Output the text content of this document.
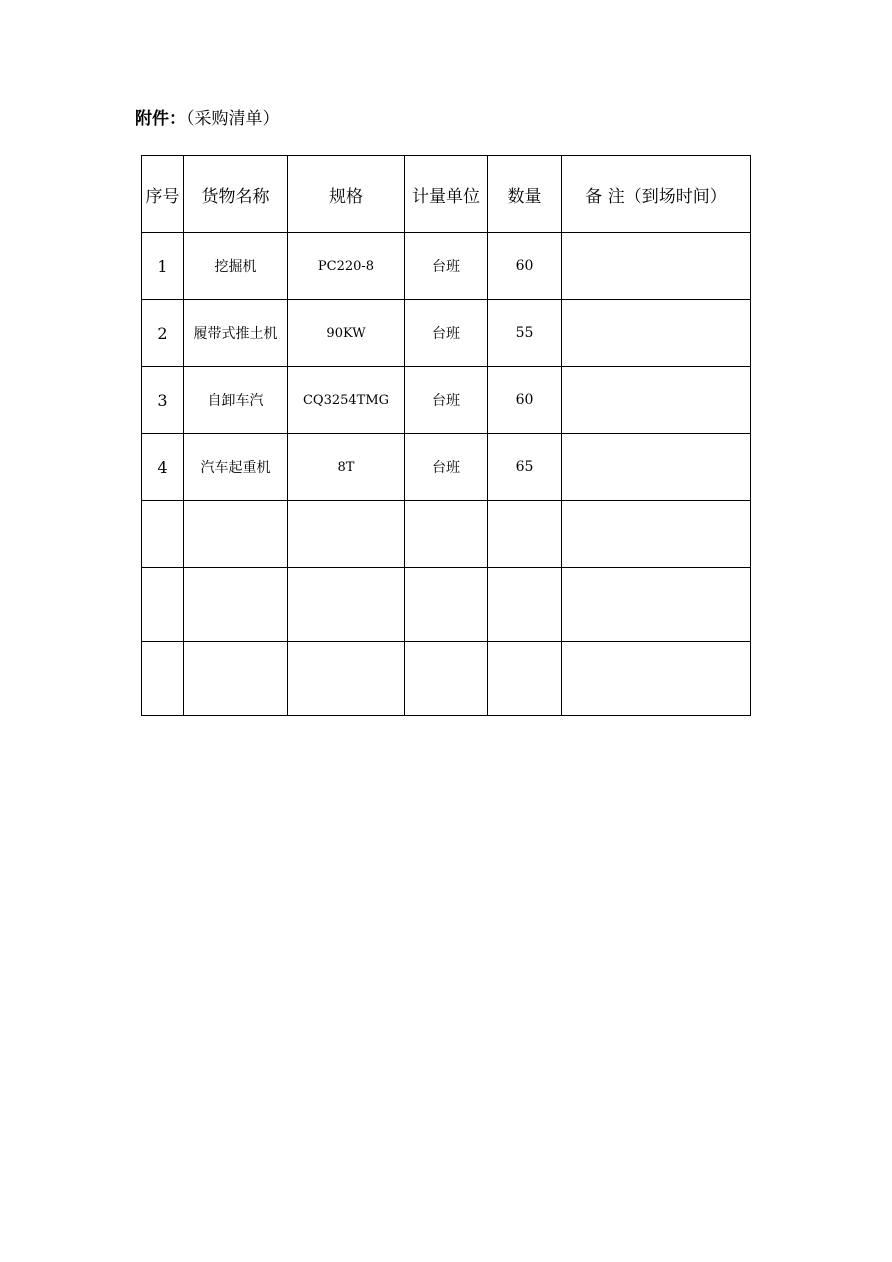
附件：（采购清单）
序号	货物名称	规格	计量单位	数量	备 注（到场时间）
1	挖掘机	PC220-8	台班	60	
2	履带式推土机	90KW	台班	55	
3	自卸车汽	CQ3254TMG	台班	60	
4	汽车起重机	8T	台班	65	
